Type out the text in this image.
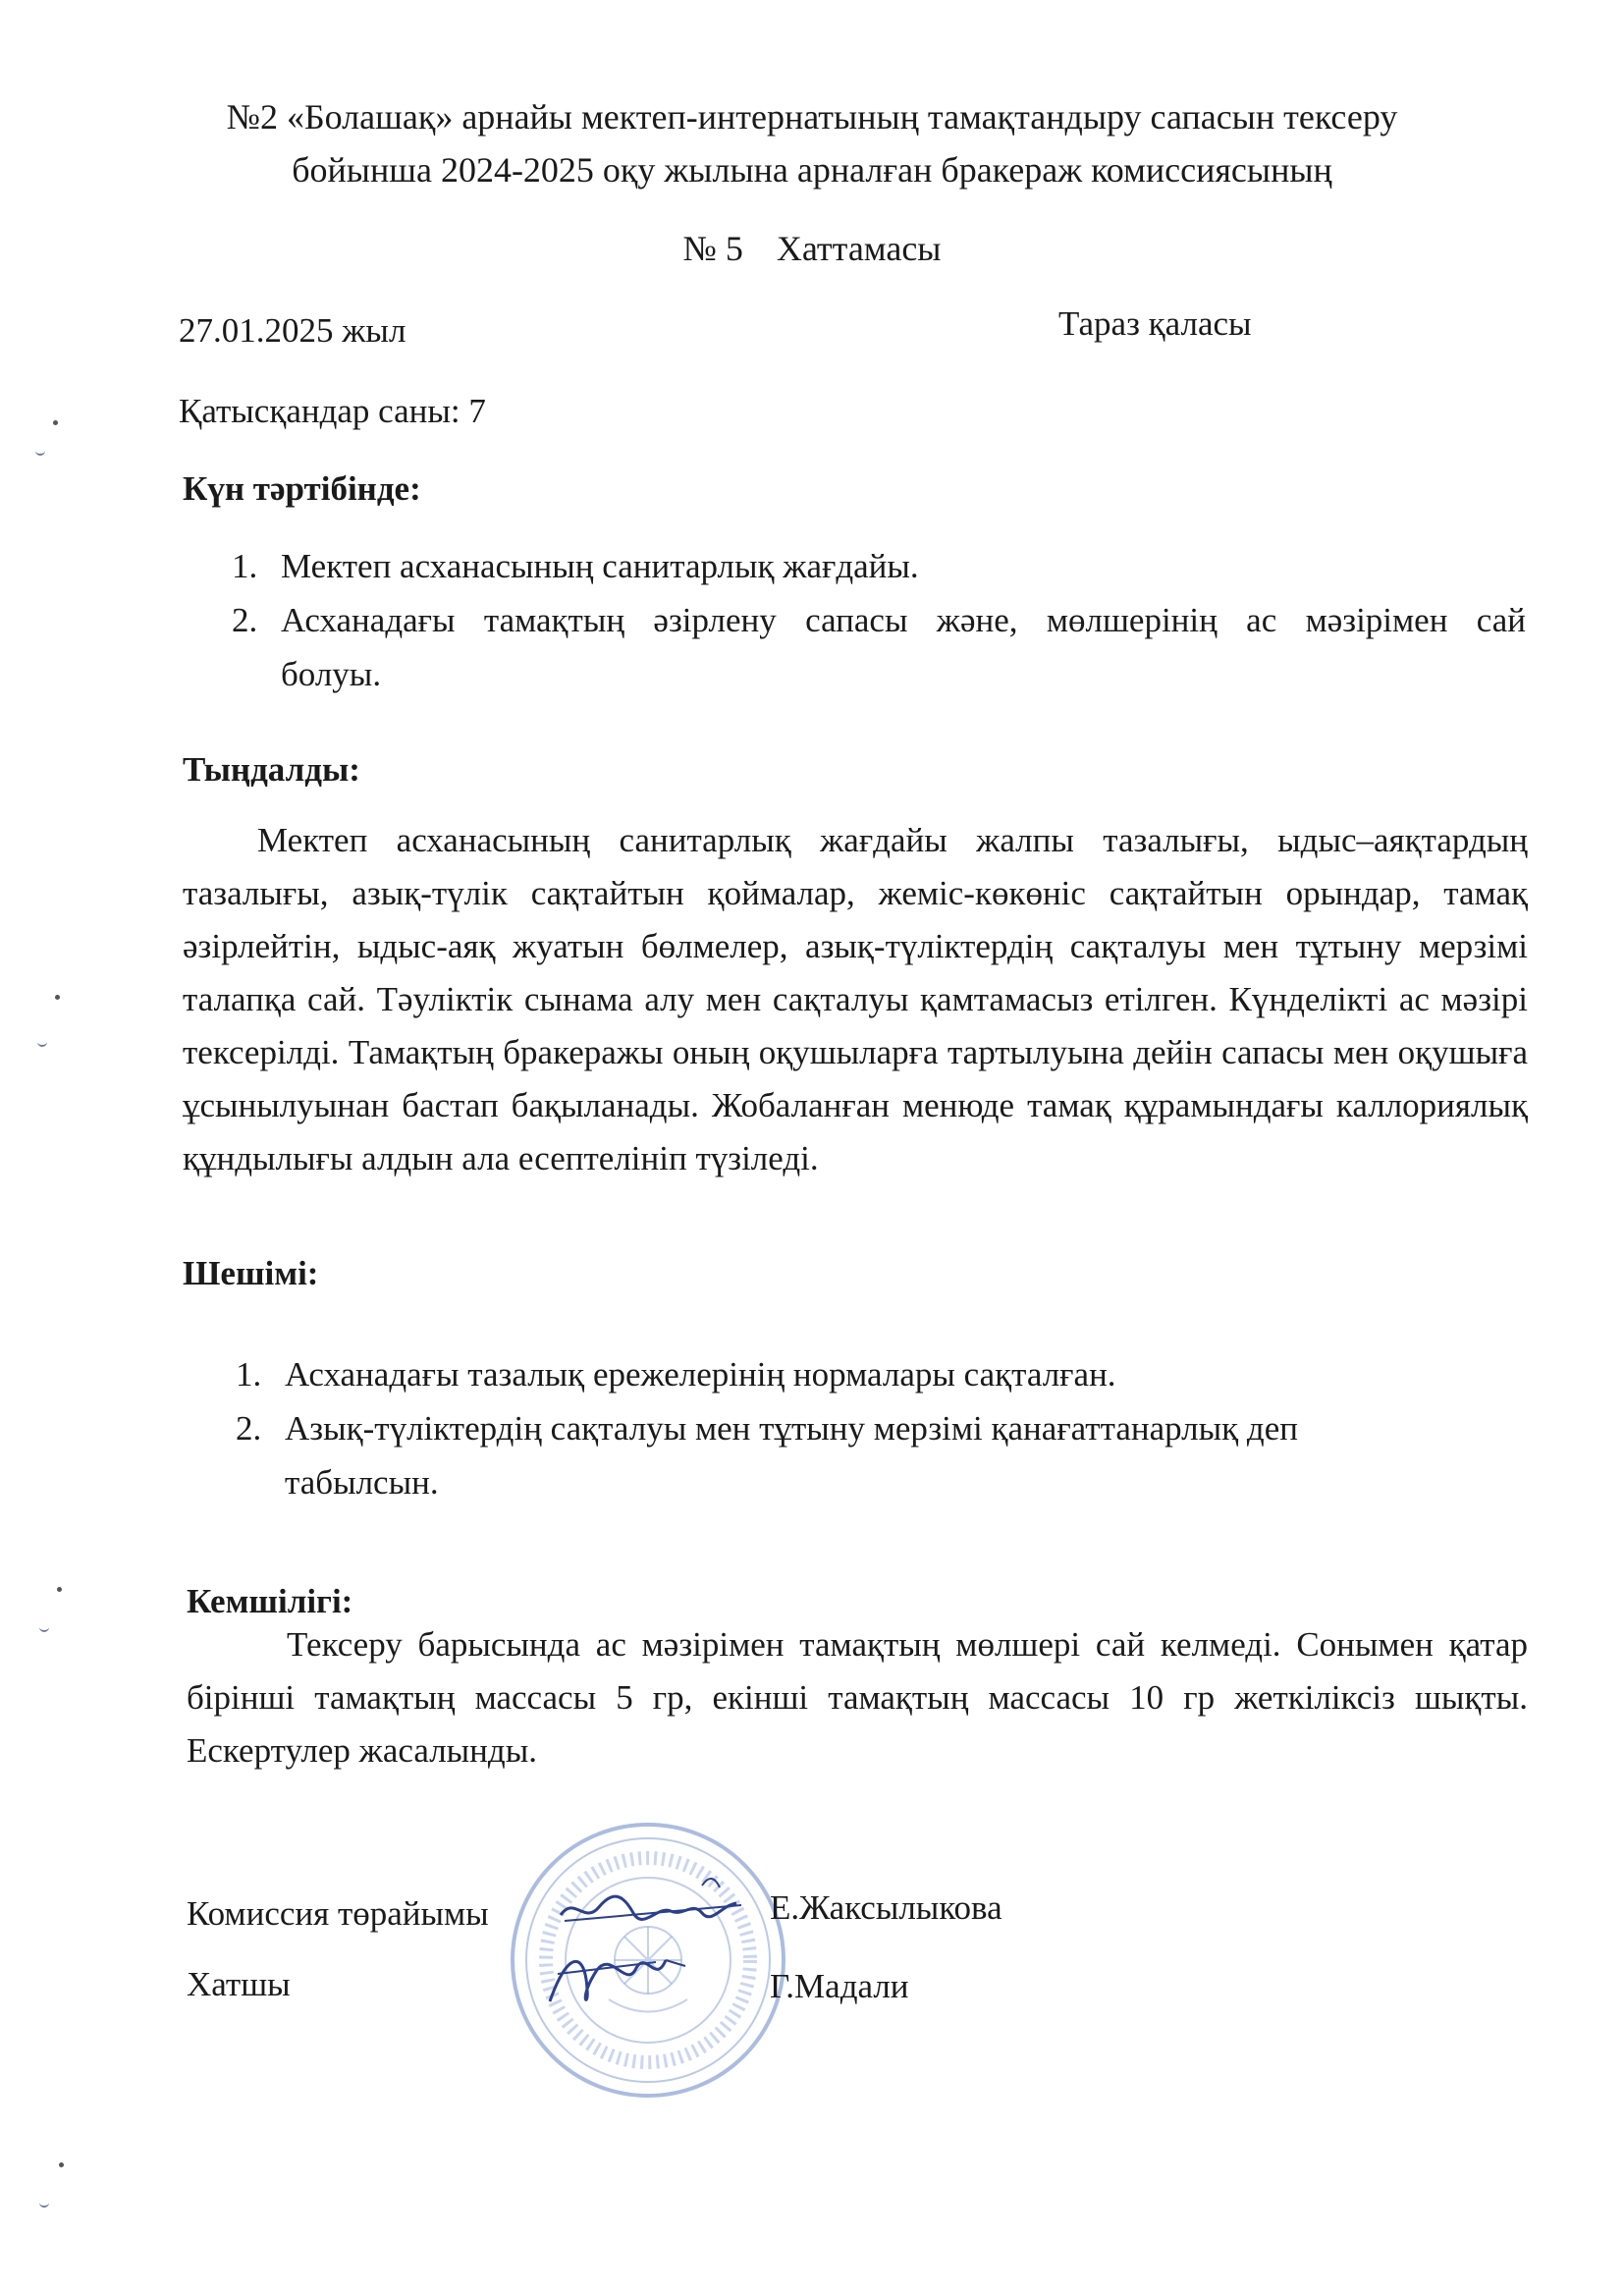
№2 «Болашақ» арнайы мектеп-интернатының тамақтандыру сапасын тексеру
бойынша 2024-2025 оқу жылына арналған бракераж комиссиясының
№ 5 Хаттамасы
27.01.2025 жыл	Тараз қаласы
Қатысқандар саны: 7
Күн тәртібінде:
1. Мектеп асханасының санитарлық жағдайы.
2. Асханадағы тамақтың әзірлену сапасы және, мөлшерінің ас мәзірімен сай
болуы.
Тыңдалды:
Мектеп асханасының санитарлық жағдайы жалпы тазалығы, ыдыс–аяқтардың тазалығы, азық-түлік сақтайтын қоймалар, жеміс-көкөніс сақтайтын орындар, тамақ әзірлейтін, ыдыс-аяқ жуатын бөлмелер, азық-түліктердің сақталуы мен тұтыну мерзімі талапқа сай. Тәуліктік сынама алу мен сақталуы қамтамасыз етілген. Күнделікті ас мәзірі тексерілді. Тамақтың бракеражы оның оқушыларға тартылуына дейін сапасы мен оқушыға ұсынылуынан бастап бақыланады. Жобаланған менюде тамақ құрамындағы каллориялық құндылығы алдын ала есептелініп түзіледі.
Шешімі:
1. Асханадағы тазалық ережелерінің нормалары сақталған.
2. Азық-түліктердің сақталуы мен тұтыну мерзімі қанағаттанарлық деп
табылсын.
Кемшілігі:
Тексеру барысында ас мәзірімен тамақтың мөлшері сай келмеді. Сонымен қатар бірінші тамақтың массасы 5 гр, екінші тамақтың массасы 10 гр жеткіліксіз шықты. Ескертулер жасалынды.
Комиссия төрайымы	Е.Жаксылыкова
Хатшы	Г.Мадали
